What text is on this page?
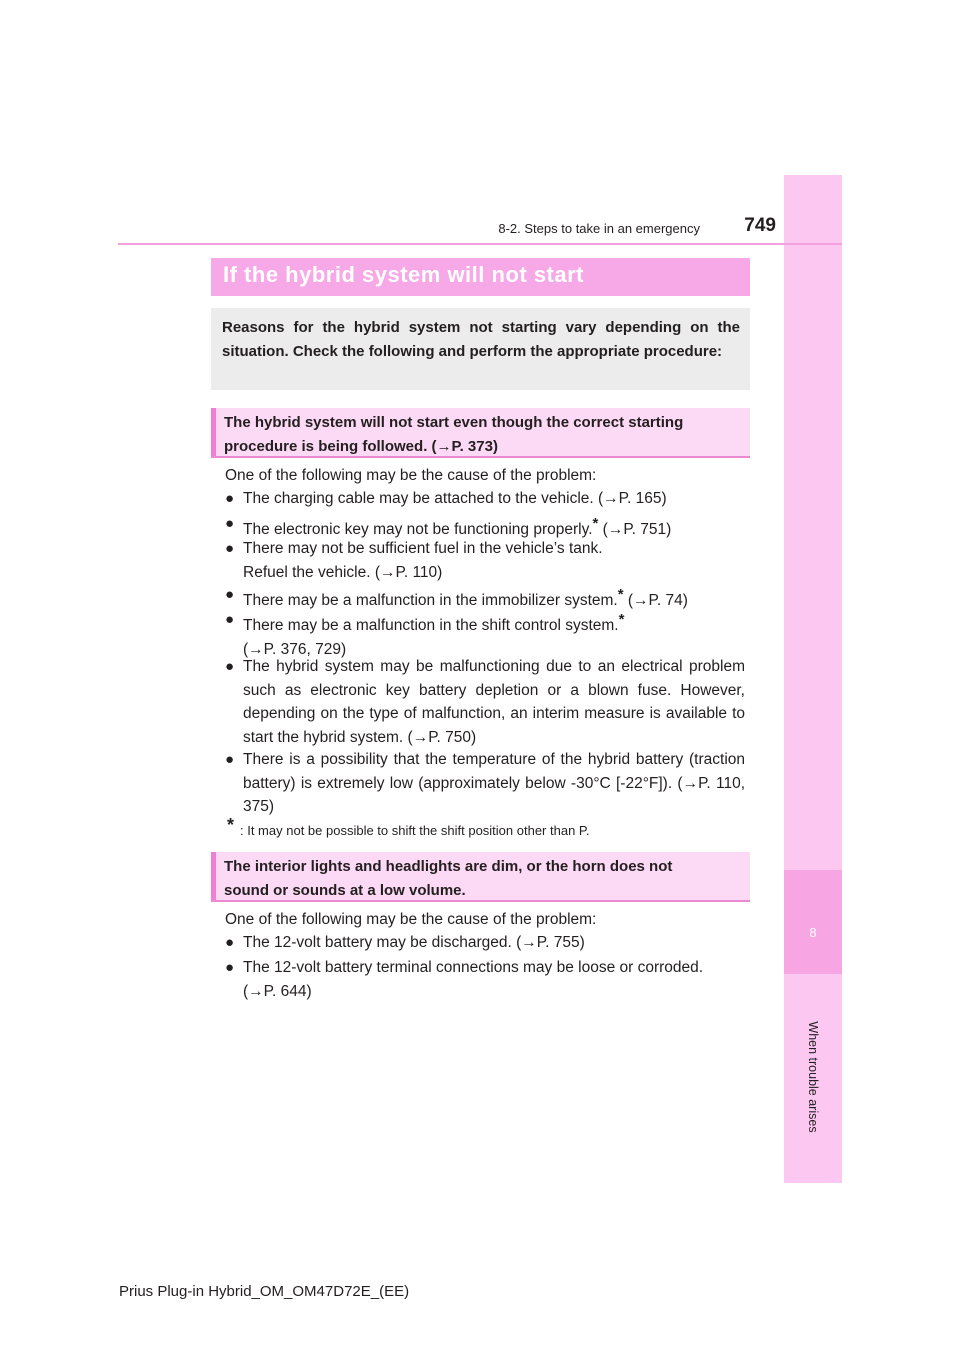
8
When trouble arises
8-2. Steps to take in an emergency	749
If the hybrid system will not start
Reasons for the hybrid system not starting vary depending on the situation. Check the following and perform the appropriate procedure:
The hybrid system will not start even though the correct starting
procedure is being followed. (→P. 373)
One of the following may be the cause of the problem:
● The charging cable may be attached to the vehicle. (→P. 165)
● The electronic key may not be functioning properly.* (→P. 751)
● There may not be sufficient fuel in the vehicle’s tank.
Refuel the vehicle. (→P. 110)
● There may be a malfunction in the immobilizer system.* (→P. 74)
● There may be a malfunction in the shift control system.*
(→P. 376, 729)
● The hybrid system may be malfunctioning due to an electrical problem such as electronic key battery depletion or a blown fuse. However, depending on the type of malfunction, an interim measure is available to start the hybrid system. (→P. 750)
● There is a possibility that the temperature of the hybrid battery (traction battery) is extremely low (approximately below -30°C [-22°F]). (→P. 110, 375)
* : It may not be possible to shift the shift position other than P.
The interior lights and headlights are dim, or the horn does not
sound or sounds at a low volume.
One of the following may be the cause of the problem:
● The 12-volt battery may be discharged. (→P. 755)
● The 12-volt battery terminal connections may be loose or corroded.
(→P. 644)
Prius Plug-in Hybrid_OM_OM47D72E_(EE)
